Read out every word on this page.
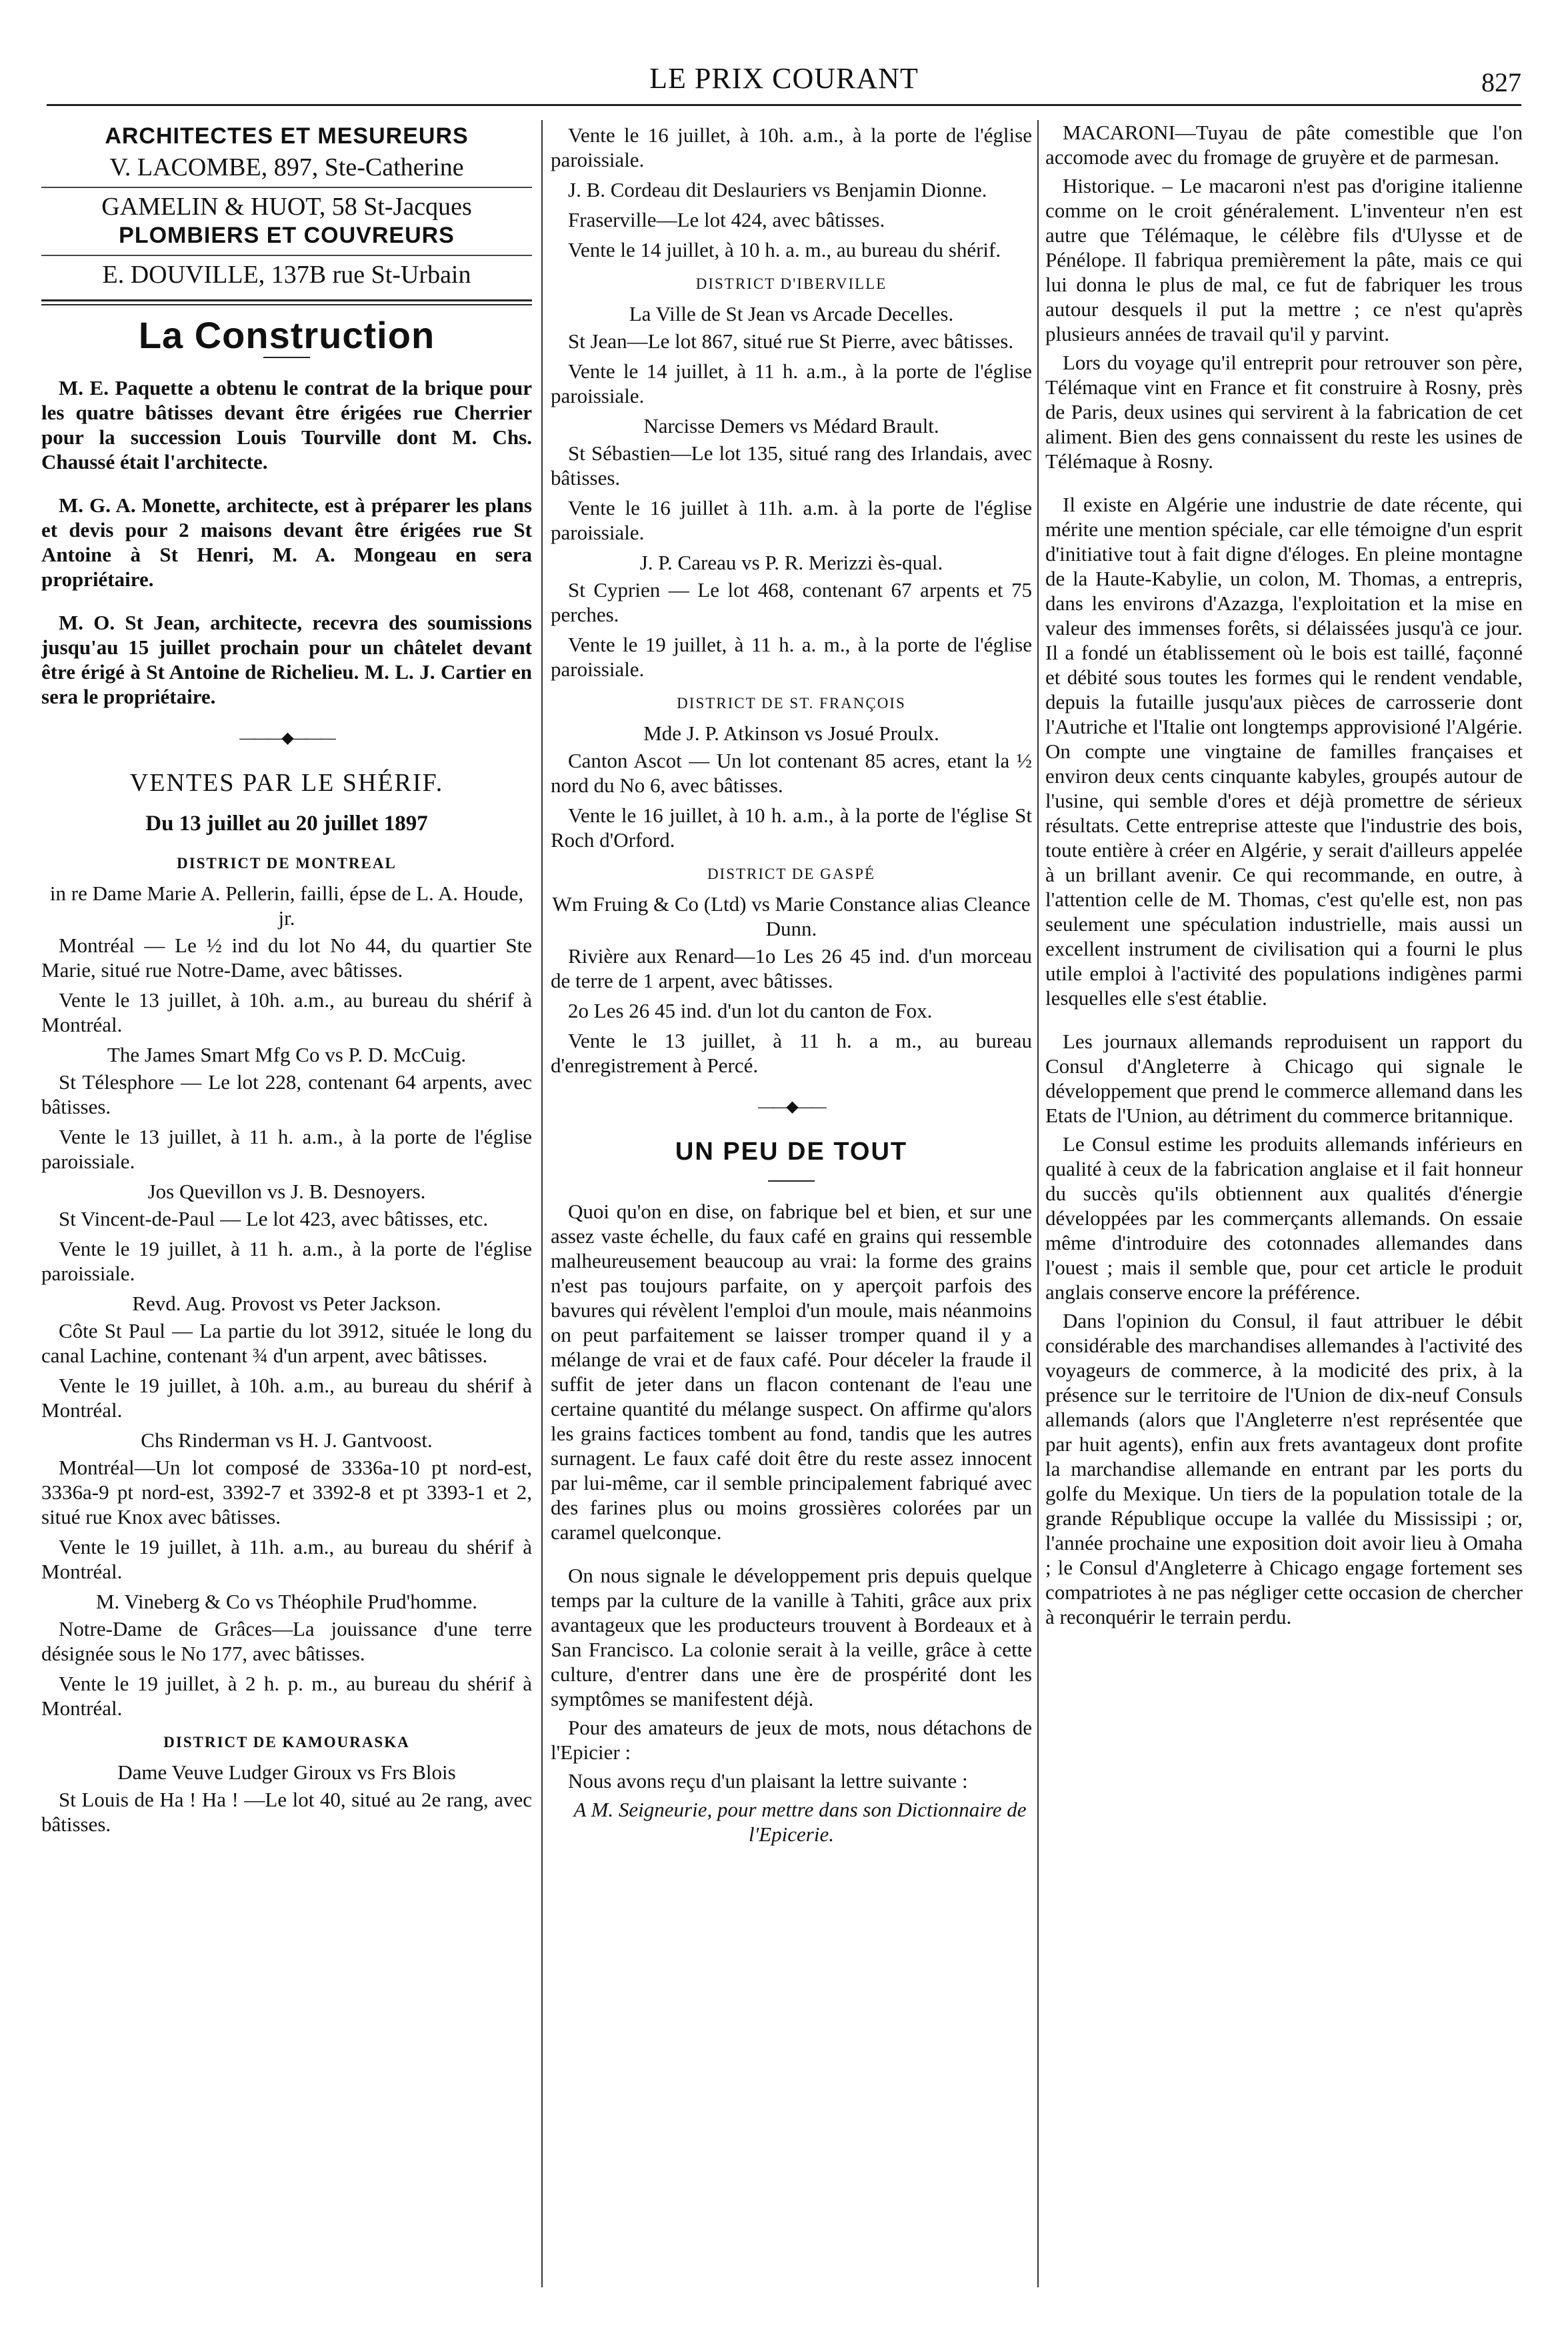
LE PRIX COURANT	827
ARCHITECTES ET MESUREURS
V. LACOMBE, 897, Ste-Catherine
GAMELIN & HUOT, 58 St-Jacques
PLOMBIERS ET COUVREURS
E. DOUVILLE, 137B rue St-Urbain
La Construction

M. E. Paquette a obtenu le contrat de la brique pour les quatre bâtisses devant être érigées rue Cherrier pour la succession Louis Tourville dont M. Chs. Chaussé était l'architecte.

M. G. A. Monette, architecte, est à préparer les plans et devis pour 2 maisons devant être érigées rue St Antoine à St Henri, M. A. Mongeau en sera propriétaire.

M. O. St Jean, architecte, recevra des soumissions jusqu'au 15 juillet prochain pour un châtelet devant être érigé à St Antoine de Richelieu. M. L. J. Cartier en sera le propriétaire.

———◆———
VENTES PAR LE SHÉRIF.
Du 13 juillet au 20 juillet 1897
DISTRICT DE MONTREAL

in re Dame Marie A. Pellerin, failli, épse de L. A. Houde, jr.

Montréal — Le ½ ind du lot No 44, du quartier Ste Marie, situé rue Notre-Dame, avec bâtisses.

Vente le 13 juillet, à 10h. a.m., au bureau du shérif à Montréal.

The James Smart Mfg Co vs P. D. McCuig.

St Télesphore — Le lot 228, contenant 64 arpents, avec bâtisses.

Vente le 13 juillet, à 11 h. a.m., à la porte de l'église paroissiale.

Jos Quevillon vs J. B. Desnoyers.

St Vincent-de-Paul — Le lot 423, avec bâtisses, etc.

Vente le 19 juillet, à 11 h. a.m., à la porte de l'église paroissiale.

Revd. Aug. Provost vs Peter Jackson.

Côte St Paul — La partie du lot 3912, située le long du canal Lachine, contenant ¾ d'un arpent, avec bâtisses.

Vente le 19 juillet, à 10h. a.m., au bureau du shérif à Montréal.

Chs Rinderman vs H. J. Gantvoost.

Montréal—Un lot composé de 3336a-10 pt nord-est, 3336a-9 pt nord-est, 3392-7 et 3392-8 et pt 3393-1 et 2, situé rue Knox avec bâtisses.

Vente le 19 juillet, à 11h. a.m., au bureau du shérif à Montréal.

M. Vineberg & Co vs Théophile Prud'homme.

Notre-Dame de Grâces—La jouissance d'une terre désignée sous le No 177, avec bâtisses.

Vente le 19 juillet, à 2 h. p. m., au bureau du shérif à Montréal.

DISTRICT DE KAMOURASKA

Dame Veuve Ludger Giroux vs Frs Blois

St Louis de Ha ! Ha ! —Le lot 40, situé au 2e rang, avec bâtisses.

Vente le 16 juillet, à 10h. a.m., à la porte de l'église paroissiale.

J. B. Cordeau dit Deslauriers vs Benjamin Dionne.

Fraserville—Le lot 424, avec bâtisses.

Vente le 14 juillet, à 10 h. a. m., au bureau du shérif.

DISTRICT D'IBERVILLE

La Ville de St Jean vs Arcade Decelles.

St Jean—Le lot 867, situé rue St Pierre, avec bâtisses.

Vente le 14 juillet, à 11 h. a.m., à la porte de l'église paroissiale.

Narcisse Demers vs Médard Brault.

St Sébastien—Le lot 135, situé rang des Irlandais, avec bâtisses.

Vente le 16 juillet à 11h. a.m. à la porte de l'église paroissiale.

J. P. Careau vs P. R. Merizzi ès-qual.

St Cyprien — Le lot 468, contenant 67 arpents et 75 perches.

Vente le 19 juillet, à 11 h. a. m., à la porte de l'église paroissiale.

DISTRICT DE ST. FRANÇOIS

Mde J. P. Atkinson vs Josué Proulx.

Canton Ascot — Un lot contenant 85 acres, etant la ½ nord du No 6, avec bâtisses.

Vente le 16 juillet, à 10 h. a.m., à la porte de l'église St Roch d'Orford.

DISTRICT DE GASPÉ

Wm Fruing & Co (Ltd) vs Marie Constance alias Cleance Dunn.

Rivière aux Renard—1o Les 26 45 ind. d'un morceau de terre de 1 arpent, avec bâtisses.

2o Les 26 45 ind. d'un lot du canton de Fox.

Vente le 13 juillet, à 11 h. a m., au bureau d'enregistrement à Percé.

——◆——
UN PEU DE TOUT

Quoi qu'on en dise, on fabrique bel et bien, et sur une assez vaste échelle, du faux café en grains qui ressemble malheureusement beaucoup au vrai: la forme des grains n'est pas toujours parfaite, on y aperçoit parfois des bavures qui révèlent l'emploi d'un moule, mais néanmoins on peut parfaitement se laisser tromper quand il y a mélange de vrai et de faux café. Pour déceler la fraude il suffit de jeter dans un flacon contenant de l'eau une certaine quantité du mélange suspect. On affirme qu'alors les grains factices tombent au fond, tandis que les autres surnagent. Le faux café doit être du reste assez innocent par lui-même, car il semble principalement fabriqué avec des farines plus ou moins grossières colorées par un caramel quelconque.

On nous signale le développement pris depuis quelque temps par la culture de la vanille à Tahiti, grâce aux prix avantageux que les producteurs trouvent à Bordeaux et à San Francisco. La colonie serait à la veille, grâce à cette culture, d'entrer dans une ère de prospérité dont les symptômes se manifestent déjà.

Pour des amateurs de jeux de mots, nous détachons de l'Epicier :

Nous avons reçu d'un plaisant la lettre suivante :

A M. Seigneurie, pour mettre dans son Dictionnaire de l'Epicerie.

MACARONI—Tuyau de pâte comestible que l'on accomode avec du fromage de gruyère et de parmesan.

Historique. – Le macaroni n'est pas d'origine italienne comme on le croit généralement. L'inventeur n'en est autre que Télémaque, le célèbre fils d'Ulysse et de Pénélope. Il fabriqua premièrement la pâte, mais ce qui lui donna le plus de mal, ce fut de fabriquer les trous autour desquels il put la mettre ; ce n'est qu'après plusieurs années de travail qu'il y parvint.

Lors du voyage qu'il entreprit pour retrouver son père, Télémaque vint en France et fit construire à Rosny, près de Paris, deux usines qui servirent à la fabrication de cet aliment. Bien des gens connaissent du reste les usines de Télémaque à Rosny.

Il existe en Algérie une industrie de date récente, qui mérite une mention spéciale, car elle témoigne d'un esprit d'initiative tout à fait digne d'éloges. En pleine montagne de la Haute-Kabylie, un colon, M. Thomas, a entrepris, dans les environs d'Azazga, l'exploitation et la mise en valeur des immenses forêts, si délaissées jusqu'à ce jour. Il a fondé un établissement où le bois est taillé, façonné et débité sous toutes les formes qui le rendent vendable, depuis la futaille jusqu'aux pièces de carrosserie dont l'Autriche et l'Italie ont longtemps approvisioné l'Algérie. On compte une vingtaine de familles françaises et environ deux cents cinquante kabyles, groupés autour de l'usine, qui semble d'ores et déjà promettre de sérieux résultats. Cette entreprise atteste que l'industrie des bois, toute entière à créer en Algérie, y serait d'ailleurs appelée à un brillant avenir. Ce qui recommande, en outre, à l'attention celle de M. Thomas, c'est qu'elle est, non pas seulement une spéculation industrielle, mais aussi un excellent instrument de civilisation qui a fourni le plus utile emploi à l'activité des populations indigènes parmi lesquelles elle s'est établie.

Les journaux allemands reproduisent un rapport du Consul d'Angleterre à Chicago qui signale le développement que prend le commerce allemand dans les Etats de l'Union, au détriment du commerce britannique.

Le Consul estime les produits allemands inférieurs en qualité à ceux de la fabrication anglaise et il fait honneur du succès qu'ils obtiennent aux qualités d'énergie développées par les commerçants allemands. On essaie même d'introduire des cotonnades allemandes dans l'ouest ; mais il semble que, pour cet article le produit anglais conserve encore la préférence.

Dans l'opinion du Consul, il faut attribuer le débit considérable des marchandises allemandes à l'activité des voyageurs de commerce, à la modicité des prix, à la présence sur le territoire de l'Union de dix-neuf Consuls allemands (alors que l'Angleterre n'est représentée que par huit agents), enfin aux frets avantageux dont profite la marchandise allemande en entrant par les ports du golfe du Mexique. Un tiers de la population totale de la grande République occupe la vallée du Mississipi ; or, l'année prochaine une exposition doit avoir lieu à Omaha ; le Consul d'Angleterre à Chicago engage fortement ses compatriotes à ne pas négliger cette occasion de chercher à reconquérir le terrain perdu.
